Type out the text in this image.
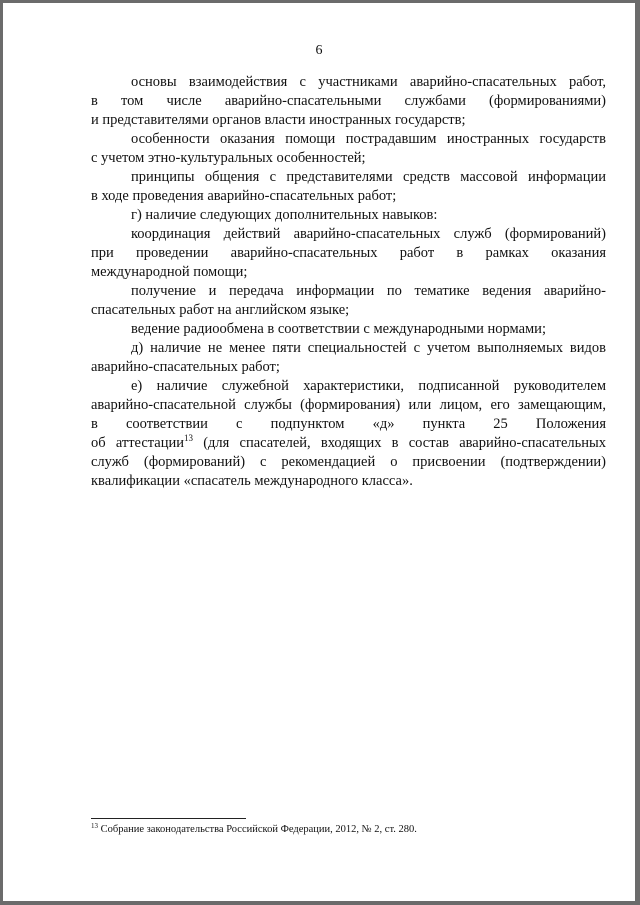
6

основы взаимодействия с участниками аварийно-спасательных работ,

в том числе аварийно-спасательными службами (формированиями)

и представителями органов власти иностранных государств;

особенности оказания помощи пострадавшим иностранных государств

с учетом этно-культуральных особенностей;

принципы общения с представителями средств массовой информации

в ходе проведения аварийно-спасательных работ;

г) наличие следующих дополнительных навыков:

координация действий аварийно-спасательных служб (формирований)

при проведении аварийно-спасательных работ в рамках оказания

международной помощи;

получение и передача информации по тематике ведения аварийно-

спасательных работ на английском языке;

ведение радиообмена в соответствии с международными нормами;

д) наличие не менее пяти специальностей с учетом выполняемых видов

аварийно-спасательных работ;

е) наличие служебной характеристики, подписанной руководителем

аварийно-спасательной службы (формирования) или лицом, его замещающим,

в соответствии с подпунктом «д» пункта 25 Положения

об аттестации$^{13}$ (для спасателей, входящих в состав аварийно-спасательных

служб (формирований) с рекомендацией о присвоении (подтверждении)

квалификации «спасатель международного класса».

$^{13}$ Собрание законодательства Российской Федерации, 2012, № 2, ст. 280.
